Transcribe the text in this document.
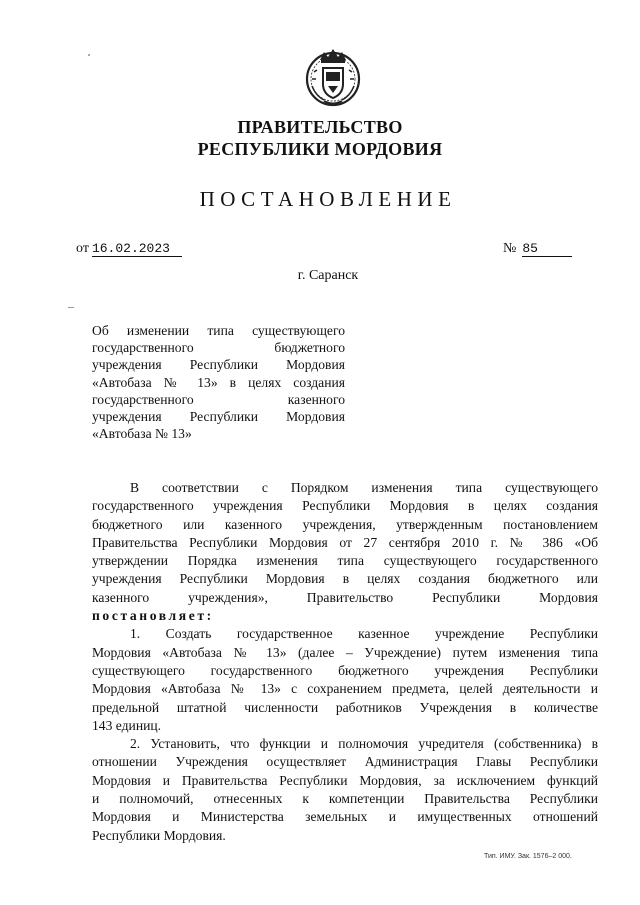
ПРАВИТЕЛЬСТВО
РЕСПУБЛИКИ МОРДОВИЯ
ПОСТАНОВЛЕНИЕ
от 16.02.2023	№ 85
г. Саранск
Об изменении типа существующего
государственного бюджетного
учреждения Республики Мордовия
«Автобаза № 13» в целях создания
государственного казенного
учреждения Республики Мордовия
«Автобаза № 13»
В соответствии с Порядком изменения типа существующего
государственного учреждения Республики Мордовия в целях создания
бюджетного или казенного учреждения, утвержденным постановлением
Правительства Республики Мордовия от 27 сентября 2010 г. № 386 «Об
утверждении Порядка изменения типа существующего государственного
учреждения Республики Мордовия в целях создания бюджетного или
казенного учреждения», Правительство Республики Мордовия
постановляет:
1. Создать государственное казенное учреждение Республики
Мордовия «Автобаза № 13» (далее – Учреждение) путем изменения типа
существующего государственного бюджетного учреждения Республики
Мордовия «Автобаза № 13» с сохранением предмета, целей деятельности и
предельной штатной численности работников Учреждения в количестве
143 единиц.
2. Установить, что функции и полномочия учредителя (собственника) в
отношении Учреждения осуществляет Администрация Главы Республики
Мордовия и Правительства Республики Мордовия, за исключением функций
и полномочий, отнесенных к компетенции Правительства Республики
Мордовия и Министерства земельных и имущественных отношений
Республики Мордовия.
Тип. ИМУ. Зак. 1576–2 000.
